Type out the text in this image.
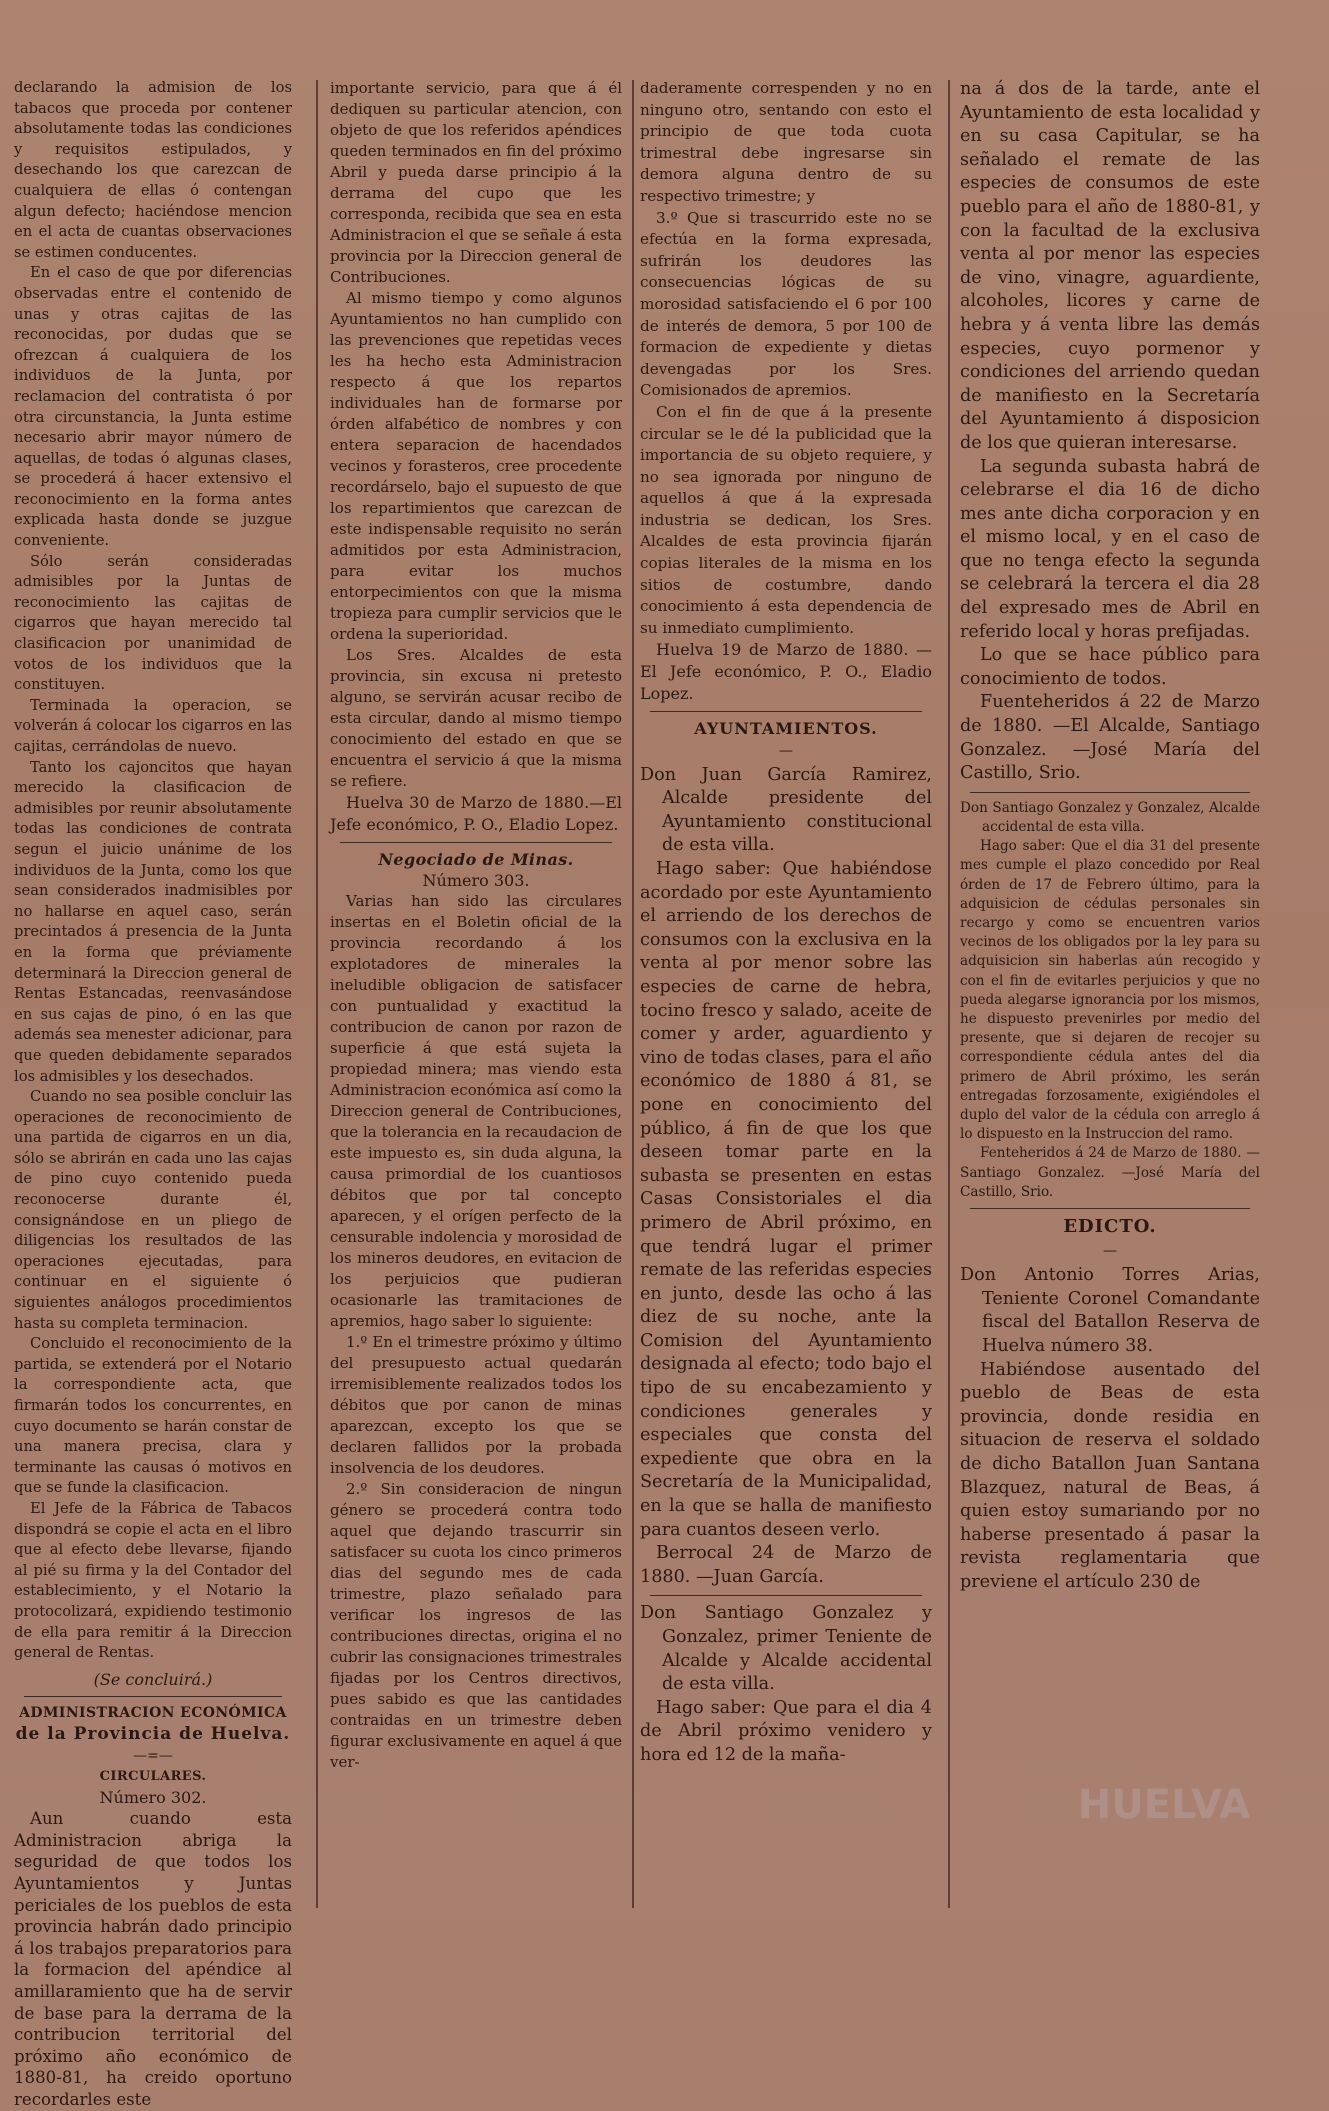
declarando la admision de los tabacos que proceda por contener absolutamente todas las condiciones y requisitos estipulados, y desechando los que carezcan de cualquiera de ellas ó contengan algun defecto; haciéndose mencion en el acta de cuantas observaciones se estimen conducentes.

En el caso de que por diferencias observadas entre el contenido de unas y otras cajitas de las reconocidas, por dudas que se ofrezcan á cualquiera de los individuos de la Junta, por reclamacion del contratista ó por otra circunstancia, la Junta estime necesario abrir mayor número de aquellas, de todas ó algunas clases, se procederá á hacer extensivo el reconocimiento en la forma antes explicada hasta donde se juzgue conveniente.

Sólo serán consideradas admisibles por la Juntas de reconocimiento las cajitas de cigarros que hayan merecido tal clasificacion por unanimidad de votos de los individuos que la constituyen.

Terminada la operacion, se volverán á colocar los cigarros en las cajitas, cerrándolas de nuevo.

Tanto los cajoncitos que hayan merecido la clasificacion de admisibles por reunir absolutamente todas las condiciones de contrata segun el juicio unánime de los individuos de la Junta, como los que sean considerados inadmisibles por no hallarse en aquel caso, serán precintados á presencia de la Junta en la forma que préviamente determinará la Direccion general de Rentas Estancadas, reenvasándose en sus cajas de pino, ó en las que además sea menester adicionar, para que queden debidamente separados los admisibles y los desechados.

Cuando no sea posible concluir las operaciones de reconocimiento de una partida de cigarros en un dia, sólo se abrirán en cada uno las cajas de pino cuyo contenido pueda reconocerse durante él, consignándose en un pliego de diligencias los resultados de las operaciones ejecutadas, para continuar en el siguiente ó siguientes análogos procedimientos hasta su completa terminacion.

Concluido el reconocimiento de la partida, se extenderá por el Notario la correspondiente acta, que firmarán todos los concurrentes, en cuyo documento se harán constar de una manera precisa, clara y terminante las causas ó motivos en que se funde la clasificacion.

El Jefe de la Fábrica de Tabacos dispondrá se copie el acta en el libro que al efecto debe llevarse, fijando al pié su firma y la del Contador del establecimiento, y el Notario la protocolizará, expidiendo testimonio de ella para remitir á la Direccion general de Rentas.

(Se concluirá.)

ADMINISTRACION ECONÓMICA

de la Provincia de Huelva.

—=—

CIRCULARES.

Número 302.

Aun cuando esta Administracion abriga la seguridad de que todos los Ayuntamientos y Juntas periciales de los pueblos de esta provincia habrán dado principio á los trabajos preparatorios para la formacion del apéndice al amillaramiento que ha de servir de base para la derrama de la contribucion territorial del próximo año económico de 1880-81, ha creido oportuno recordarles este

importante servicio, para que á él dediquen su particular atencion, con objeto de que los referidos apéndices queden terminados en fin del próximo Abril y pueda darse principio á la derrama del cupo que les corresponda, recibida que sea en esta Administracion el que se señale á esta provincia por la Direccion general de Contribuciones.

Al mismo tiempo y como algunos Ayuntamientos no han cumplido con las prevenciones que repetidas veces les ha hecho esta Administracion respecto á que los repartos individuales han de formarse por órden alfabético de nombres y con entera separacion de hacendados vecinos y forasteros, cree procedente recordárselo, bajo el supuesto de que los repartimientos que carezcan de este indispensable requisito no serán admitidos por esta Administracion, para evitar los muchos entorpecimientos con que la misma tropieza para cumplir servicios que le ordena la superioridad.

Los Sres. Alcaldes de esta provincia, sin excusa ni pretesto alguno, se servirán acusar recibo de esta circular, dando al mismo tiempo conocimiento del estado en que se encuentra el servicio á que la misma se refiere.

Huelva 30 de Marzo de 1880.—El Jefe económico, P. O., Eladio Lopez.

Negociado de Minas.

Número 303.

Varias han sido las circulares insertas en el Boletin oficial de la provincia recordando á los explotadores de minerales la ineludible obligacion de satisfacer con puntualidad y exactitud la contribucion de canon por razon de superficie á que está sujeta la propiedad minera; mas viendo esta Administracion económica así como la Direccion general de Contribuciones, que la tolerancia en la recaudacion de este impuesto es, sin duda alguna, la causa primordial de los cuantiosos débitos que por tal concepto aparecen, y el orígen perfecto de la censurable indolencia y morosidad de los mineros deudores, en evitacion de los perjuicios que pudieran ocasionarle las tramitaciones de apremios, hago saber lo siguiente:

1.º En el trimestre próximo y último del presupuesto actual quedarán irremisiblemente realizados todos los débitos que por canon de minas aparezcan, excepto los que se declaren fallidos por la probada insolvencia de los deudores.

2.º Sin consideracion de ningun género se procederá contra todo aquel que dejando trascurrir sin satisfacer su cuota los cinco primeros dias del segundo mes de cada trimestre, plazo señalado para verificar los ingresos de las contribuciones directas, origina el no cubrir las consignaciones trimestrales fijadas por los Centros directivos, pues sabido es que las cantidades contraidas en un trimestre deben figurar exclusivamente en aquel á que ver-

daderamente correspenden y no en ninguno otro, sentando con esto el principio de que toda cuota trimestral debe ingresarse sin demora alguna dentro de su respectivo trimestre; y

3.º Que si trascurrido este no se efectúa en la forma expresada, sufrirán los deudores las consecuencias lógicas de su morosidad satisfaciendo el 6 por 100 de interés de demora, 5 por 100 de formacion de expediente y dietas devengadas por los Sres. Comisionados de apremios.

Con el fin de que á la presente circular se le dé la publicidad que la importancia de su objeto requiere, y no sea ignorada por ninguno de aquellos á que á la expresada industria se dedican, los Sres. Alcaldes de esta provincia fijarán copias literales de la misma en los sitios de costumbre, dando conocimiento á esta dependencia de su inmediato cumplimiento.

Huelva 19 de Marzo de 1880. —El Jefe económico, P. O., Eladio Lopez.

AYUNTAMIENTOS.

—

Don Juan García Ramirez, Alcalde presidente del Ayuntamiento constitucional de esta villa.

Hago saber: Que habiéndose acordado por este Ayuntamiento el arriendo de los derechos de consumos con la exclusiva en la venta al por menor sobre las especies de carne de hebra, tocino fresco y salado, aceite de comer y arder, aguardiento y vino de todas clases, para el año económico de 1880 á 81, se pone en conocimiento del público, á fin de que los que deseen tomar parte en la subasta se presenten en estas Casas Consistoriales el dia primero de Abril próximo, en que tendrá lugar el primer remate de las referidas especies en junto, desde las ocho á las diez de su noche, ante la Comision del Ayuntamiento designada al efecto; todo bajo el tipo de su encabezamiento y condiciones generales y especiales que consta del expediente que obra en la Secretaría de la Municipalidad, en la que se halla de manifiesto para cuantos deseen verlo.

Berrocal 24 de Marzo de 1880. —Juan García.

Don Santiago Gonzalez y Gonzalez, primer Teniente de Alcalde y Alcalde accidental de esta villa.

Hago saber: Que para el dia 4 de Abril próximo venidero y hora ed 12 de la maña-

na á dos de la tarde, ante el Ayuntamiento de esta localidad y en su casa Capitular, se ha señalado el remate de las especies de consumos de este pueblo para el año de 1880-81, y con la facultad de la exclusiva venta al por menor las especies de vino, vinagre, aguardiente, alcoholes, licores y carne de hebra y á venta libre las demás especies, cuyo pormenor y condiciones del arriendo quedan de manifiesto en la Secretaría del Ayuntamiento á disposicion de los que quieran interesarse.

La segunda subasta habrá de celebrarse el dia 16 de dicho mes ante dicha corporacion y en el mismo local, y en el caso de que no tenga efecto la segunda se celebrará la tercera el dia 28 del expresado mes de Abril en referido local y horas prefijadas.

Lo que se hace público para conocimiento de todos.

Fuenteheridos á 22 de Marzo de 1880. —El Alcalde, Santiago Gonzalez. —José María del Castillo, Srio.

Don Santiago Gonzalez y Gonzalez, Alcalde accidental de esta villa.

Hago saber: Que el dia 31 del presente mes cumple el plazo concedido por Real órden de 17 de Febrero último, para la adquisicion de cédulas personales sin recargo y como se encuentren varios vecinos de los obligados por la ley para su adquisicion sin haberlas aún recogido y con el fin de evitarles perjuicios y que no pueda alegarse ignorancia por los mismos, he dispuesto prevenirles por medio del presente, que si dejaren de recojer su correspondiente cédula antes del dia primero de Abril próximo, les serán entregadas forzosamente, exigiéndoles el duplo del valor de la cédula con arreglo á lo dispuesto en la Instruccion del ramo.

Fenteheridos á 24 de Marzo de 1880. —Santiago Gonzalez. —José María del Castillo, Srio.

EDICTO.

—

Don Antonio Torres Arias, Teniente Coronel Comandante fiscal del Batallon Reserva de Huelva número 38.

Habiéndose ausentado del pueblo de Beas de esta provincia, donde residia en situacion de reserva el soldado de dicho Batallon Juan Santana Blazquez, natural de Beas, á quien estoy sumariando por no haberse presentado á pasar la revista reglamentaria que previene el artículo 230 de

HUELVA
